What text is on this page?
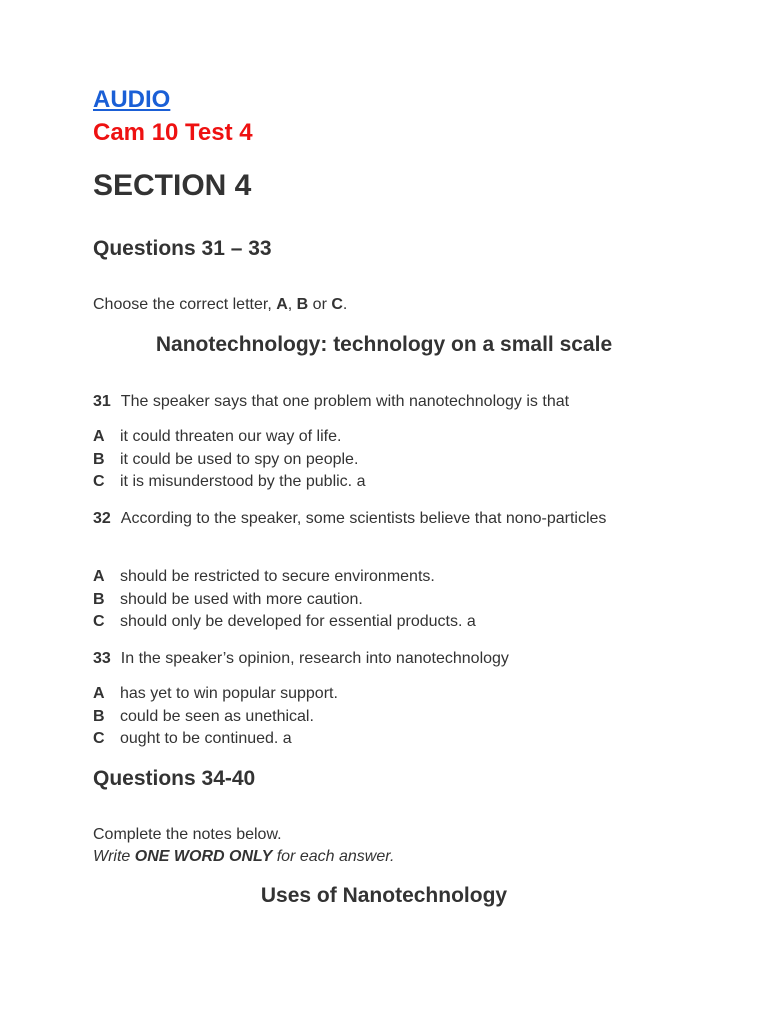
AUDIO
Cam 10 Test 4
SECTION 4
Questions 31 – 33
Choose the correct letter, A, B or C.
Nanotechnology: technology on a small scale
31 The speaker says that one problem with nanotechnology is that
A it could threaten our way of life.
B it could be used to spy on people.
C it is misunderstood by the public. a
32 According to the speaker, some scientists believe that nono-particles
A should be restricted to secure environments.
B should be used with more caution.
C should only be developed for essential products. a
33 In the speaker’s opinion, research into nanotechnology
A has yet to win popular support.
B could be seen as unethical.
C ought to be continued. a
Questions 34-40
Complete the notes below.
Write ONE WORD ONLY for each answer.
Uses of Nanotechnology
